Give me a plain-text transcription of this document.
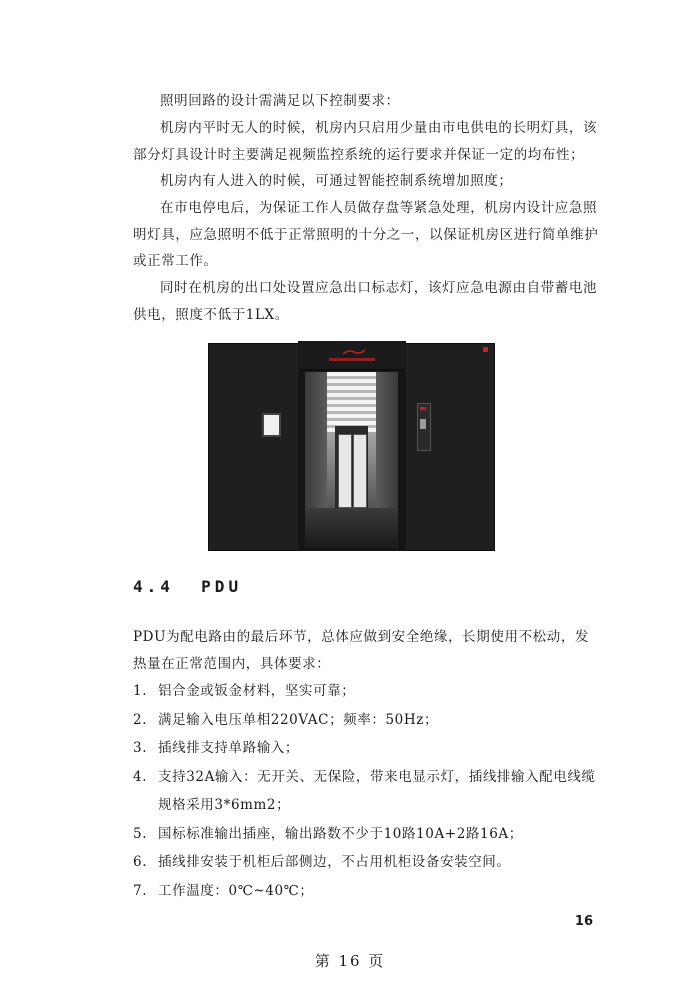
照明回路的设计需满足以下控制要求：

机房内平时无人的时候，机房内只启用少量由市电供电的长明灯具，该部分灯具设计时主要满足视频监控系统的运行要求并保证一定的均布性；

机房内有人进入的时候，可通过智能控制系统增加照度；

在市电停电后，为保证工作人员做存盘等紧急处理，机房内设计应急照明灯具，应急照明不低于正常照明的十分之一，以保证机房区进行简单维护或正常工作。

同时在机房的出口处设置应急出口标志灯，该灯应急电源由自带蓄电池供电，照度不低于1LX。

4.4 PDU

PDU为配电路由的最后环节，总体应做到安全绝缘，长期使用不松动，发热量在正常范围内，具体要求：

1. 铝合金或钣金材料，坚实可靠；
2. 满足输入电压单相220VAC；频率：50Hz；
3. 插线排支持单路输入；
4. 支持32A输入：无开关、无保险，带来电显示灯，插线排输入配电线缆规格采用3*6mm2；
5. 国标标准输出插座，输出路数不少于10路10A+2路16A；
6. 插线排安装于机柜后部侧边，不占用机柜设备安装空间。
7. 工作温度：0℃~40℃；
16
第 16 页
